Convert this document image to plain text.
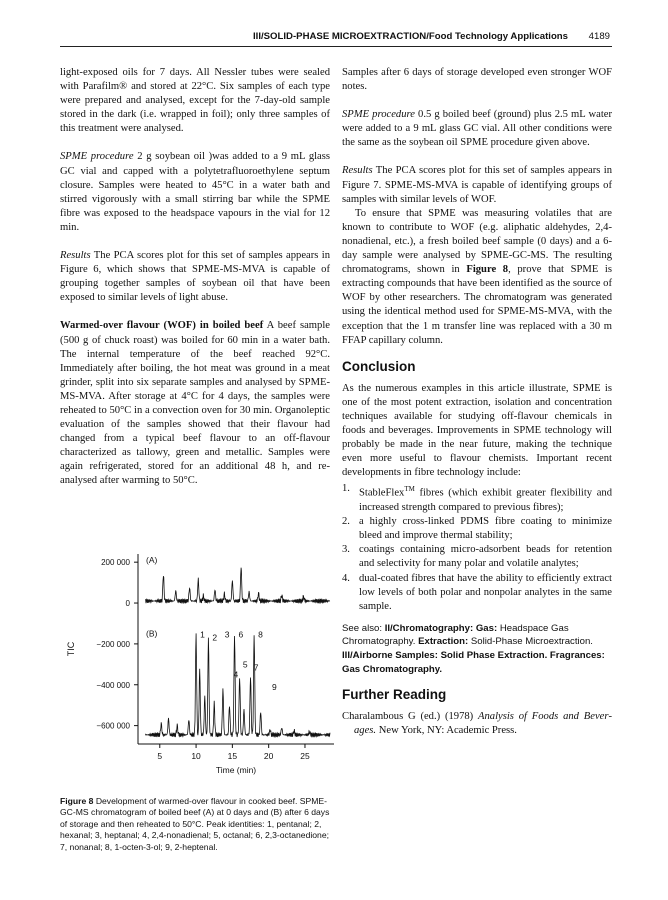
III/SOLID-PHASE MICROEXTRACTION/Food Technology Applications 4189

light-exposed oils for 7 days. All Nessler tubes were sealed with Parafilm® and stored at 22°C. Six samples of each type were prepared and analysed, except for the 7-day-old sample stored in the dark (i.e. wrapped in foil); only three samples of this treatment were analysed.

SPME procedure 2 g soybean oil )was added to a 9 mL glass GC vial and capped with a polytetrafluoroethylene septum closure. Samples were heated to 45°C in a water bath and stirred vigorously with a small stirring bar while the SPME fibre was exposed to the headspace vapours in the vial for 12 min.

Results The PCA scores plot for this set of samples appears in Figure 6, which shows that SPME-MS-MVA is capable of grouping together samples of soybean oil that have been exposed to similar levels of light abuse.

Warmed-over flavour (WOF) in boiled beef A beef sample (500 g of chuck roast) was boiled for 60 min in a water bath. The internal temperature of the beef reached 92°C. Immediately after boiling, the hot meat was ground in a meat grinder, split into six separate samples and analysed by SPME-MS-MVA. After storage at 4°C for 4 days, the samples were reheated to 50°C in a convection oven for 30 min. Organoleptic evaluation of the samples showed that their flavour had changed from a typical beef flavour to an off-flavour characterized as tallowy, green and metallic. Samples were again refrigerated, stored for an additional 48 h, and re-analysed after warming to 50°C.

Samples after 6 days of storage developed even stronger WOF notes.

SPME procedure 0.5 g boiled beef (ground) plus 2.5 mL water were added to a 9 mL glass GC vial. All other conditions were the same as the soybean oil SPME procedure given above.

Results The PCA scores plot for this set of samples appears in Figure 7. SPME-MS-MVA is capable of identifying groups of samples with similar levels of WOF.

To ensure that SPME was measuring volatiles that are known to contribute to WOF (e.g. aliphatic aldehydes, 2,4-nonadienal, etc.), a fresh boiled beef sample (0 days) and a 6-day sample were analysed by SPME-GC-MS. The resulting chromatograms, shown in Figure 8, prove that SPME is extracting compounds that have been identified as the source of WOF by other researchers. The chromatogram was generated using the identical method used for SPME-MS-MVA, with the exception that the 1 m transfer line was replaced with a 30 m FFAP capillary column.

Conclusion

As the numerous examples in this article illustrate, SPME is one of the most potent extraction, isolation and concentration techniques available for studying off-flavour chemicals in foods and beverages. Improvements in SPME technology will probably be made in the near future, making the technique even more useful to flavour chemists. Important recent developments in fibre technology include:

1. StableFlex™ fibres (which exhibit greater flexibility and increased strength compared to previous fibres);
2. a highly cross-linked PDMS fibre coating to minimize bleed and improve thermal stability;
3. coatings containing micro-adsorbent beads for retention and selectivity for many polar and volatile analytes;
4. dual-coated fibres that have the ability to efficiently extract low levels of both polar and nonpolar analytes in the same sample.
See also: II/Chromatography: Gas: Headspace Gas Chromatography. Extraction: Solid-Phase Microextraction. III/Airborne Samples: Solid Phase Extraction. Fragrances: Gas Chromatography.
Further Reading

Charalambous G (ed.) (1978) Analysis of Foods and Beverages. New York, NY: Academic Press.

200 000
0
−200 000
−400 000
−600 000
5	10	15	20	25
Time (min)
TIC
(A)
(B)	1 2 3
4
5
6
7
8
9
Figure 8 Development of warmed-over flavour in cooked beef. SPME-GC-MS chromatogram of boiled beef (A) at 0 days and (B) after 6 days of storage and then reheated to 50°C. Peak identities: 1, pentanal; 2, hexanal; 3, heptanal; 4, 2,4-nonadienal; 5, octanal; 6, 2,3-octanedione; 7, nonanal; 8, 1-octen-3-ol; 9, 2-heptenal.
